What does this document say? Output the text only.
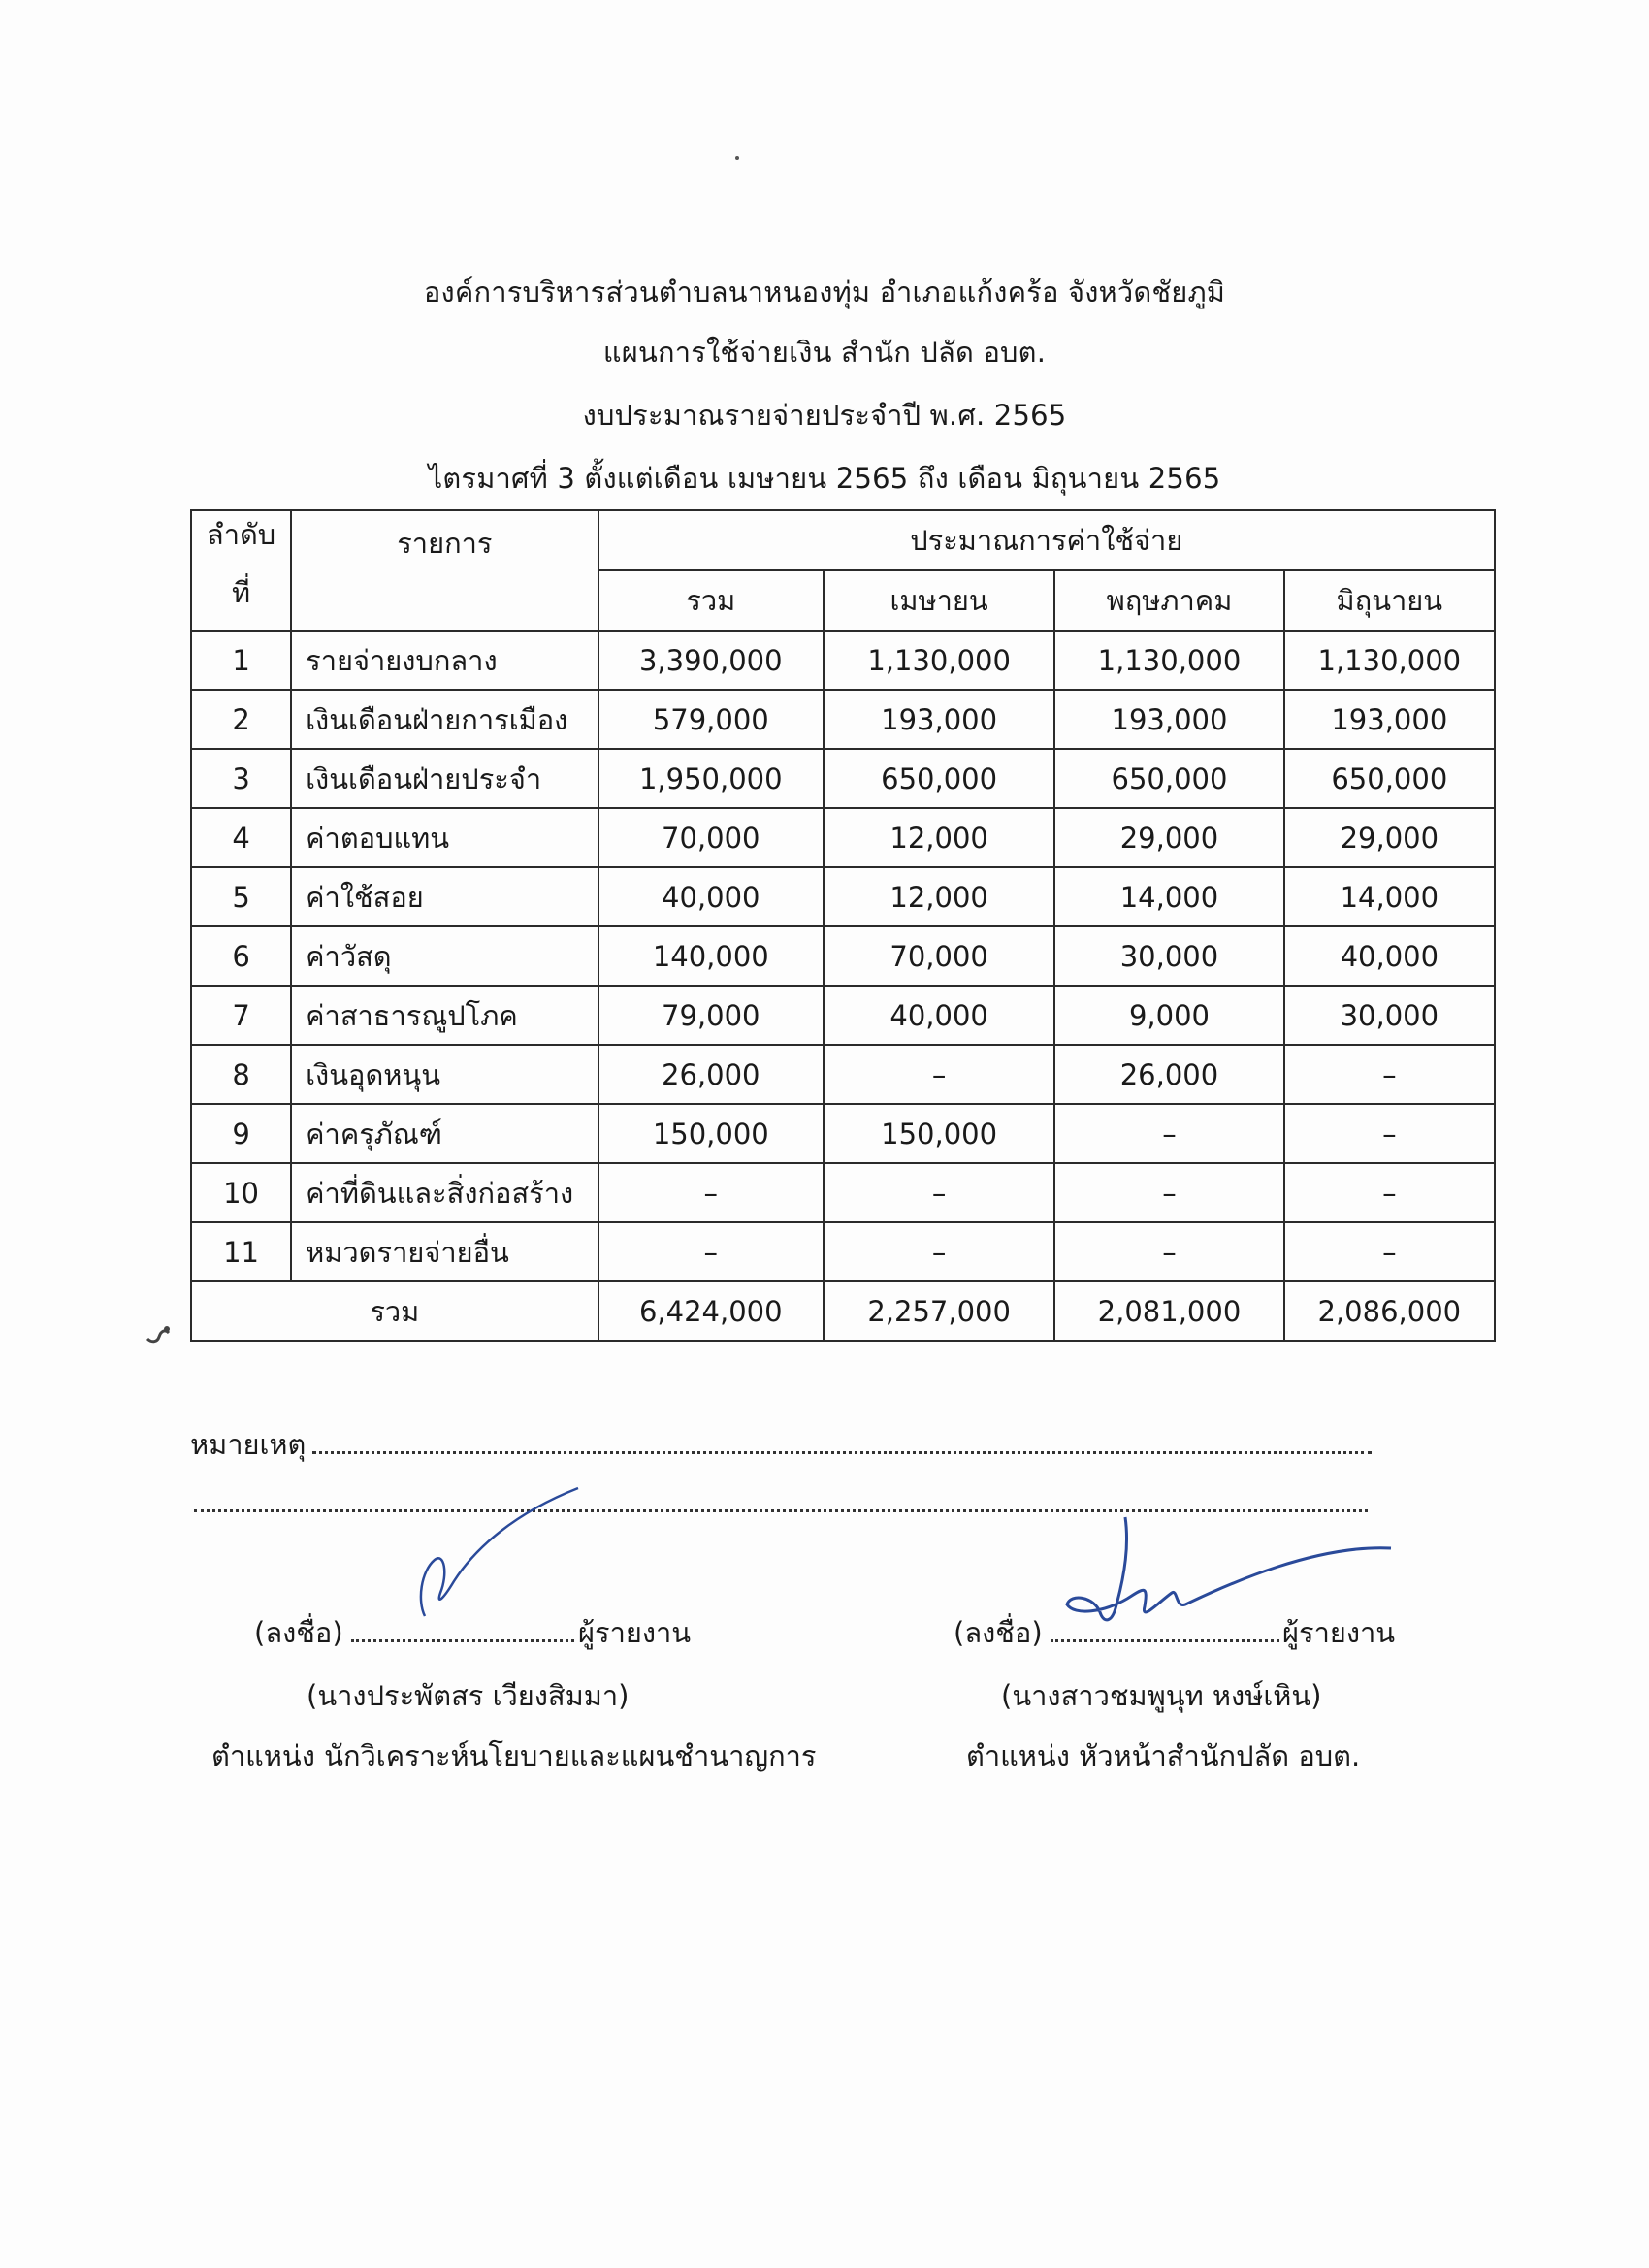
องค์การบริหารส่วนตำบลนาหนองทุ่ม อำเภอแก้งคร้อ จังหวัดชัยภูมิ
แผนการใช้จ่ายเงิน สำนัก ปลัด อบต.
งบประมาณรายจ่ายประจำปี พ.ศ. 2565
ไตรมาศที่ 3 ตั้งแต่เดือน เมษายน 2565 ถึง เดือน มิถุนายน 2565
ลำดับ
ที่	รายการ	ประมาณการค่าใช้จ่าย			
		รวม	เมษายน	พฤษภาคม	มิถุนายน
1	รายจ่ายงบกลาง	3,390,000	1,130,000	1,130,000	1,130,000
2	เงินเดือนฝ่ายการเมือง	579,000	193,000	193,000	193,000
3	เงินเดือนฝ่ายประจำ	1,950,000	650,000	650,000	650,000
4	ค่าตอบแทน	70,000	12,000	29,000	29,000
5	ค่าใช้สอย	40,000	12,000	14,000	14,000
6	ค่าวัสดุ	140,000	70,000	30,000	40,000
7	ค่าสาธารณูปโภค	79,000	40,000	9,000	30,000
8	เงินอุดหนุน	26,000	–	26,000	–
9	ค่าครุภัณฑ์	150,000	150,000	–	–
10	ค่าที่ดินและสิ่งก่อสร้าง	–	–	–	–
11	หมวดรายจ่ายอื่น	–	–	–	–
รวม		6,424,000	2,257,000	2,081,000	2,086,000
หมายเหตุ
(ลงชื่อ)	ผู้รายงาน
(นางประพัตสร เวียงสิมมา)
ตำแหน่ง นักวิเคราะห์นโยบายและแผนชำนาญการ
(ลงชื่อ)	ผู้รายงาน
(นางสาวชมพูนุท หงษ์เหิน)
ตำแหน่ง หัวหน้าสำนักปลัด อบต.
